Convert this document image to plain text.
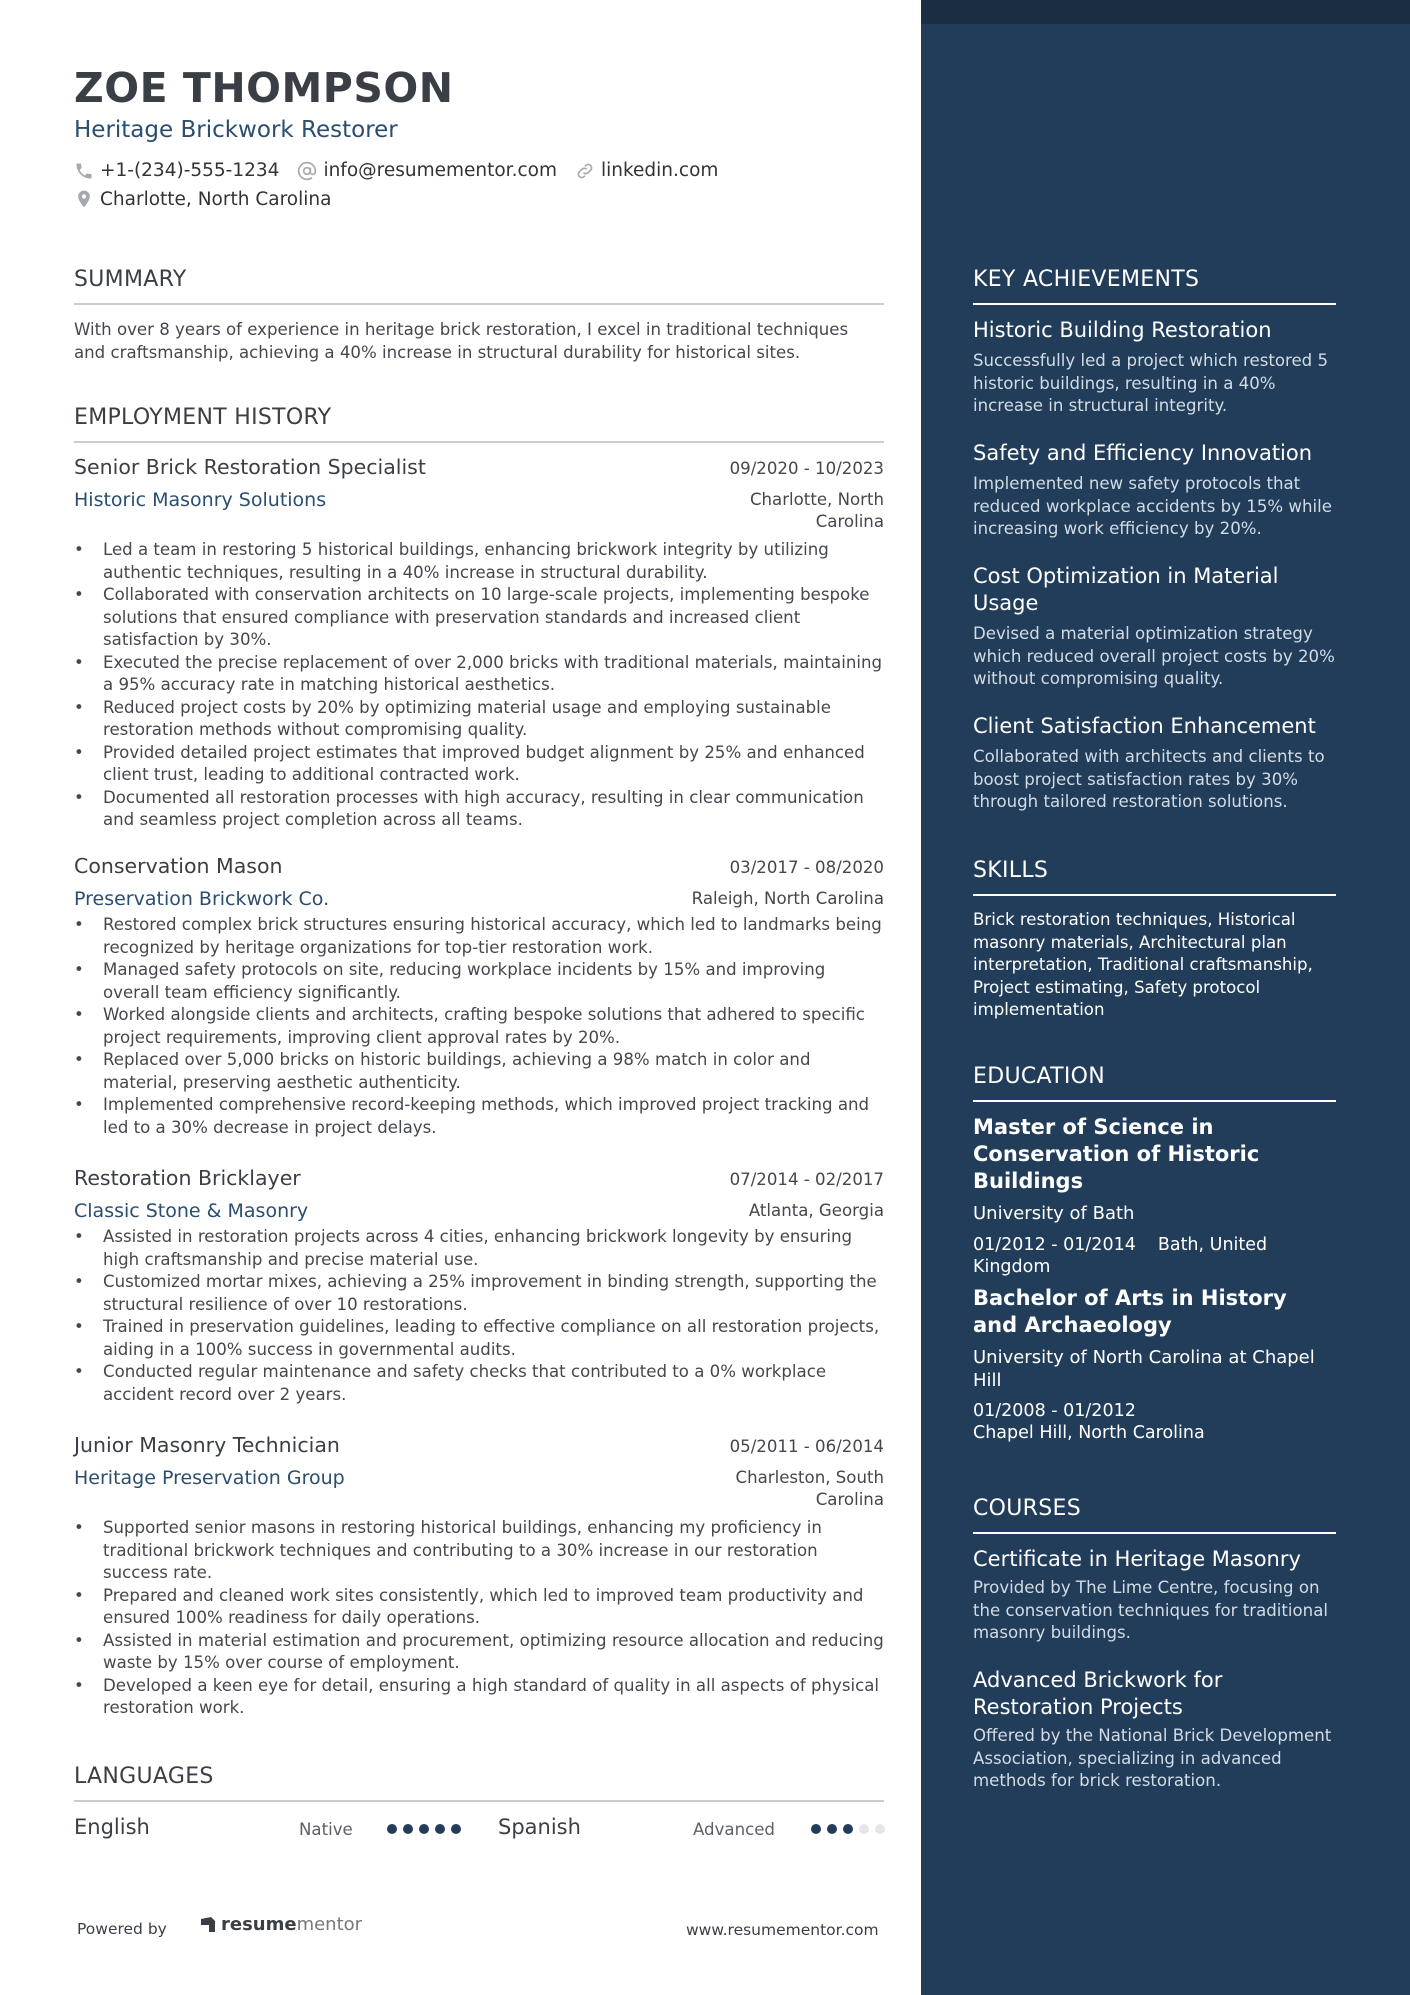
ZOE THOMPSON
Heritage Brickwork Restorer
+1-(234)-555-1234 info@resumementor.com linkedin.com
Charlotte, North Carolina
SUMMARY
With over 8 years of experience in heritage brick restoration, I excel in traditional techniques and craftsmanship, achieving a 40% increase in structural durability for historical sites.
EMPLOYMENT HISTORY
Senior Brick Restoration Specialist	09/2020 - 10/2023
Historic Masonry Solutions	Charlotte, North
Carolina
• Led a team in restoring 5 historical buildings, enhancing brickwork integrity by utilizing authentic techniques, resulting in a 40% increase in structural durability.
• Collaborated with conservation architects on 10 large-scale projects, implementing bespoke solutions that ensured compliance with preservation standards and increased client satisfaction by 30%.
• Executed the precise replacement of over 2,000 bricks with traditional materials, maintaining a 95% accuracy rate in matching historical aesthetics.
• Reduced project costs by 20% by optimizing material usage and employing sustainable restoration methods without compromising quality.
• Provided detailed project estimates that improved budget alignment by 25% and enhanced client trust, leading to additional contracted work.
• Documented all restoration processes with high accuracy, resulting in clear communication and seamless project completion across all teams.
Conservation Mason	03/2017 - 08/2020
Preservation Brickwork Co.	Raleigh, North Carolina
• Restored complex brick structures ensuring historical accuracy, which led to landmarks being recognized by heritage organizations for top-tier restoration work.
• Managed safety protocols on site, reducing workplace incidents by 15% and improving overall team efficiency significantly.
• Worked alongside clients and architects, crafting bespoke solutions that adhered to specific project requirements, improving client approval rates by 20%.
• Replaced over 5,000 bricks on historic buildings, achieving a 98% match in color and material, preserving aesthetic authenticity.
• Implemented comprehensive record-keeping methods, which improved project tracking and led to a 30% decrease in project delays.
Restoration Bricklayer	07/2014 - 02/2017
Classic Stone & Masonry	Atlanta, Georgia
• Assisted in restoration projects across 4 cities, enhancing brickwork longevity by ensuring high craftsmanship and precise material use.
• Customized mortar mixes, achieving a 25% improvement in binding strength, supporting the structural resilience of over 10 restorations.
• Trained in preservation guidelines, leading to effective compliance on all restoration projects, aiding in a 100% success in governmental audits.
• Conducted regular maintenance and safety checks that contributed to a 0% workplace accident record over 2 years.
Junior Masonry Technician	05/2011 - 06/2014
Heritage Preservation Group	Charleston, South
Carolina
• Supported senior masons in restoring historical buildings, enhancing my proficiency in traditional brickwork techniques and contributing to a 30% increase in our restoration success rate.
• Prepared and cleaned work sites consistently, which led to improved team productivity and ensured 100% readiness for daily operations.
• Assisted in material estimation and procurement, optimizing resource allocation and reducing waste by 15% over course of employment.
• Developed a keen eye for detail, ensuring a high standard of quality in all aspects of physical restoration work.
LANGUAGES
English	Native	Spanish	Advanced
Powered by	resume mentor	www.resumementor.com
KEY ACHIEVEMENTS
Historic Building Restoration
Successfully led a project which restored 5 historic buildings, resulting in a 40% increase in structural integrity.
Safety and Efficiency Innovation
Implemented new safety protocols that reduced workplace accidents by 15% while increasing work efficiency by 20%.
Cost Optimization in Material Usage
Devised a material optimization strategy which reduced overall project costs by 20% without compromising quality.
Client Satisfaction Enhancement
Collaborated with architects and clients to boost project satisfaction rates by 30% through tailored restoration solutions.
SKILLS
Brick restoration techniques, Historical masonry materials, Architectural plan interpretation, Traditional craftsmanship, Project estimating, Safety protocol implementation
EDUCATION
Master of Science in Conservation of Historic Buildings
University of Bath
01/2012 - 01/2014 Bath, United Kingdom
Bachelor of Arts in History and Archaeology
University of North Carolina at Chapel Hill
01/2008 - 01/2012
Chapel Hill, North Carolina
COURSES
Certificate in Heritage Masonry
Provided by The Lime Centre, focusing on the conservation techniques for traditional masonry buildings.
Advanced Brickwork for Restoration Projects
Offered by the National Brick Development Association, specializing in advanced methods for brick restoration.
